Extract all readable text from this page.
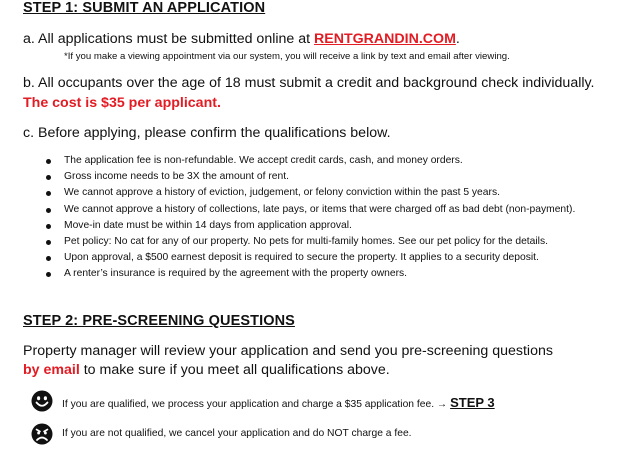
STEP 1: SUBMIT AN APPLICATION
a. All applications must be submitted online at RENTGRANDIN.COM.
*If you make a viewing appointment via our system, you will receive a link by text and email after viewing.
b. All occupants over the age of 18 must submit a credit and background check individually.
The cost is $35 per applicant.
c. Before applying, please confirm the qualifications below.
The application fee is non-refundable. We accept credit cards, cash, and money orders.
Gross income needs to be 3X the amount of rent.
We cannot approve a history of eviction, judgement, or felony conviction within the past 5 years.
We cannot approve a history of collections, late pays, or items that were charged off as bad debt (non-payment).
Move-in date must be within 14 days from application approval.
Pet policy: No cat for any of our property. No pets for multi-family homes. See our pet policy for the details.
Upon approval, a $500 earnest deposit is required to secure the property. It applies to a security deposit.
A renter’s insurance is required by the agreement with the property owners.
STEP 2: PRE-SCREENING QUESTIONS
Property manager will review your application and send you pre-screening questions
by email to make sure if you meet all qualifications above.
If you are qualified, we process your application and charge a $35 application fee. → STEP 3
If you are not qualified, we cancel your application and do NOT charge a fee.
